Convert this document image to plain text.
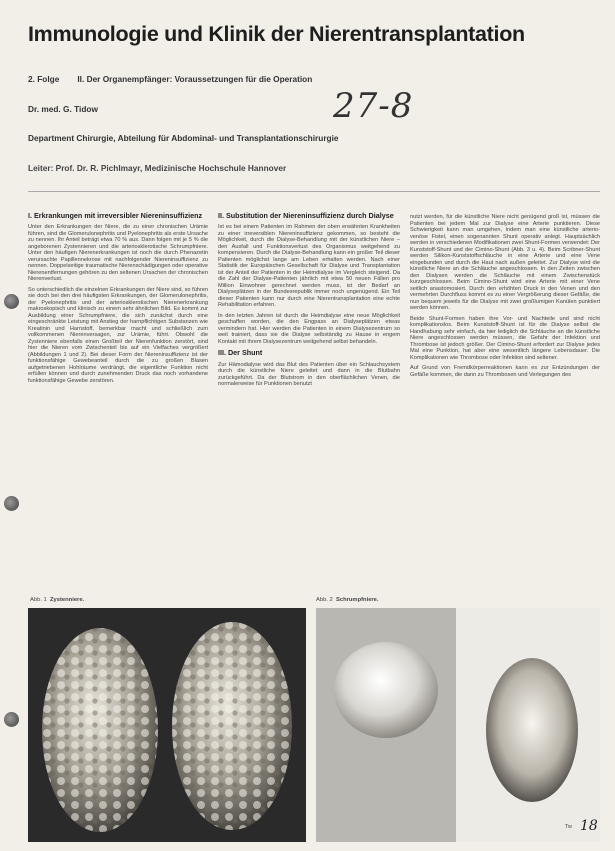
Immunologie und Klinik der Nierentransplantation
2. Folge II. Der Organempfänger: Voraussetzungen für die Operation
Dr. med. G. Tidow	27-8
Department Chirurgie, Abteilung für Abdominal- und Transplantationschirurgie
Leiter: Prof. Dr. R. Pichlmayr, Medizinische Hochschule Hannover
I. Erkrankungen mit irreversibler Niereninsuffizienz

Unter den Erkrankungen der Niere, die zu einer chronischen Urämie führen, sind die Glomerulonephritis und Pyelonephritis als erste Ursache zu nennen. Ihr Anteil beträgt etwa 70 % aus. Dann folgen mit je 5 % die angeborenen Zystennieren und die arteriosklerotische Schrumpfniere. Unter den häufigen Nierenerkrankungen ist noch die durch Phenazetin verursachte Papillennekrose mit nachfolgender Niereninsuffizienz zu nennen. Doppelseitige traumatische Nierenschädigungen oder operative Nierenentfernungen gehören zu den seltenen Ursachen der chronischen Nierenverlust.

So unterschiedlich die einzelnen Erkrankungen der Niere sind, so führen sie doch bei den drei häufigsten Erkrankungen, der Glomerulonephritis, der Pyelonephritis und der arteriosklerotischen Nierenerkrankung makroskopisch und klinisch zu einem sehr ähnlichen Bild. Es kommt zur Ausbildung einer Schrumpfniere, die sich zunächst durch eine eingeschränkte Leistung mit Anstieg der harnpflichtigen Substanzen wie Kreatinin und Harnstoff, bemerkbar macht und schließlich zum vollkommenen Nierenversagen, zur Urämie, führt. Obwohl die Zystenniere ebenfalls einen Großteil der Nierenfunktion zerstört, sind hier die Nieren vom Zwischenteil bis auf ein Vielfaches vergrößert (Abbildungen 1 und 2). Bei dieser Form der Niereninsuffizienz ist der funktionsfähige Gewebeanteil durch die zu großen Blasen aufgetriebenen Hohlräume verdrängt, die eigentliche Funktion nicht erfüllen können und durch zunehmenden Druck das noch vorhandene funktionsfähige Gewebe zerstören.

II. Substitution der Niereninsuffizienz durch Dialyse

Ist es bei einem Patienten im Rahmen der oben erwähnten Krankheiten zu einer irreversiblen Niereninsuffizienz gekommen, so besteht die Möglichkeit, durch die Dialyse-Behandlung mit der künstlichen Niere – den Ausfall und Funktionsverlust des Organismus weitgehend zu kompensieren. Durch die Dialyse-Behandlung kann ein großer Teil dieser Patienten möglichst lange am Leben erhalten werden. Nach einer Statistik der Europäischen Gesellschaft für Dialyse und Transplantation ist der Anteil der Patienten in der Heimdialyse im Vergleich steigend. Da die Zahl der Dialyse-Patienten jährlich mit etwa 50 neuen Fällen pro Million Einwohner gerechnet werden muss, ist der Bedarf an Dialyseplätzen in der Bundesrepublik immer noch ungenügend. Ein Teil dieser Patienten kann nur durch eine Nierentransplantation eine echte Rehabilitation erfahren.

In den letzten Jahren ist durch die Heimdialyse eine neue Möglichkeit geschaffen worden, die den Engpass an Dialyseplätzen etwas vermindern hat. Hier werden die Patienten in einem Dialysezentrum so weit trainiert, dass sie die Dialyse selbständig zu Hause in engem Kontakt mit ihrem Dialysezentrum weitgehend selbst behandeln.

III. Der Shunt

Zur Hämodialyse wird das Blut des Patienten über ein Schlauchsystem durch die künstliche Niere geleitet und dann in die Blutbahn zurückgeführt. Da der Blutstrom in den oberflächlichen Venen, die normalerweise für Punktionen benutzt

nutzt werden, für die künstliche Niere nicht genügend groß ist, müssen die Patienten bei jedem Mal zur Dialyse eine Arterie punktieren. Diese Schwierigkeit kann man umgehen, indem man eine künstliche arterio-venöse Fistel, einen sogenannten Shunt operativ anlegt. Hauptsächlich werden in verschiedenen Modifikationen zwei Shunt-Formen verwendet: Der Kunststoff-Shunt und der Cimino-Shunt (Abb. 3 u. 4). Beim Scribner-Shunt werden Silikon-Kunststoffschläuche in eine Arterie und eine Vene eingebunden und durch die Haut nach außen geleitet. Zur Dialyse wird die künstliche Niere an die Schläuche angeschlossen. In den Zeiten zwischen den Dialysen werden die Schläuche mit einem Zwischenstück kurzgeschlossen. Beim Cimino-Shunt wird eine Arterie mit einer Vene seitlich anastomosiert. Durch den erhöhten Druck in den Venen und den vermehrten Durchfluss kommt es zu einer Vergrößerung dieser Gefäße, die nun bequem jeweils für die Dialyse mit zwei großlumigen Kanülen punktiert werden können.

Beide Shunt-Formen haben ihre Vor- und Nachteile und sind nicht komplikationslos. Beim Kunststoff-Shunt ist für die Dialyse selbst die Handhabung sehr einfach, da hier lediglich die Schläuche an die künstliche Niere angeschlossen werden müssen, die Gefahr der Infektion und Thrombose ist jedoch größer. Der Cimino-Shunt erfordert zur Dialyse jedes Mal eine Punktion, hat aber eine wesentlich längere Lebensdauer. Die Komplikationen wie Thrombose oder Infektion sind seltener.

Auf Grund von Fremdkörperreaktionen kann es zur Entzündungen der Gefäße kommen, die dann zu Thrombosen und Verlegungen des

Abb. 1 Zystenniere.	Abb. 2 Schrumpfniere.
Tw 18
